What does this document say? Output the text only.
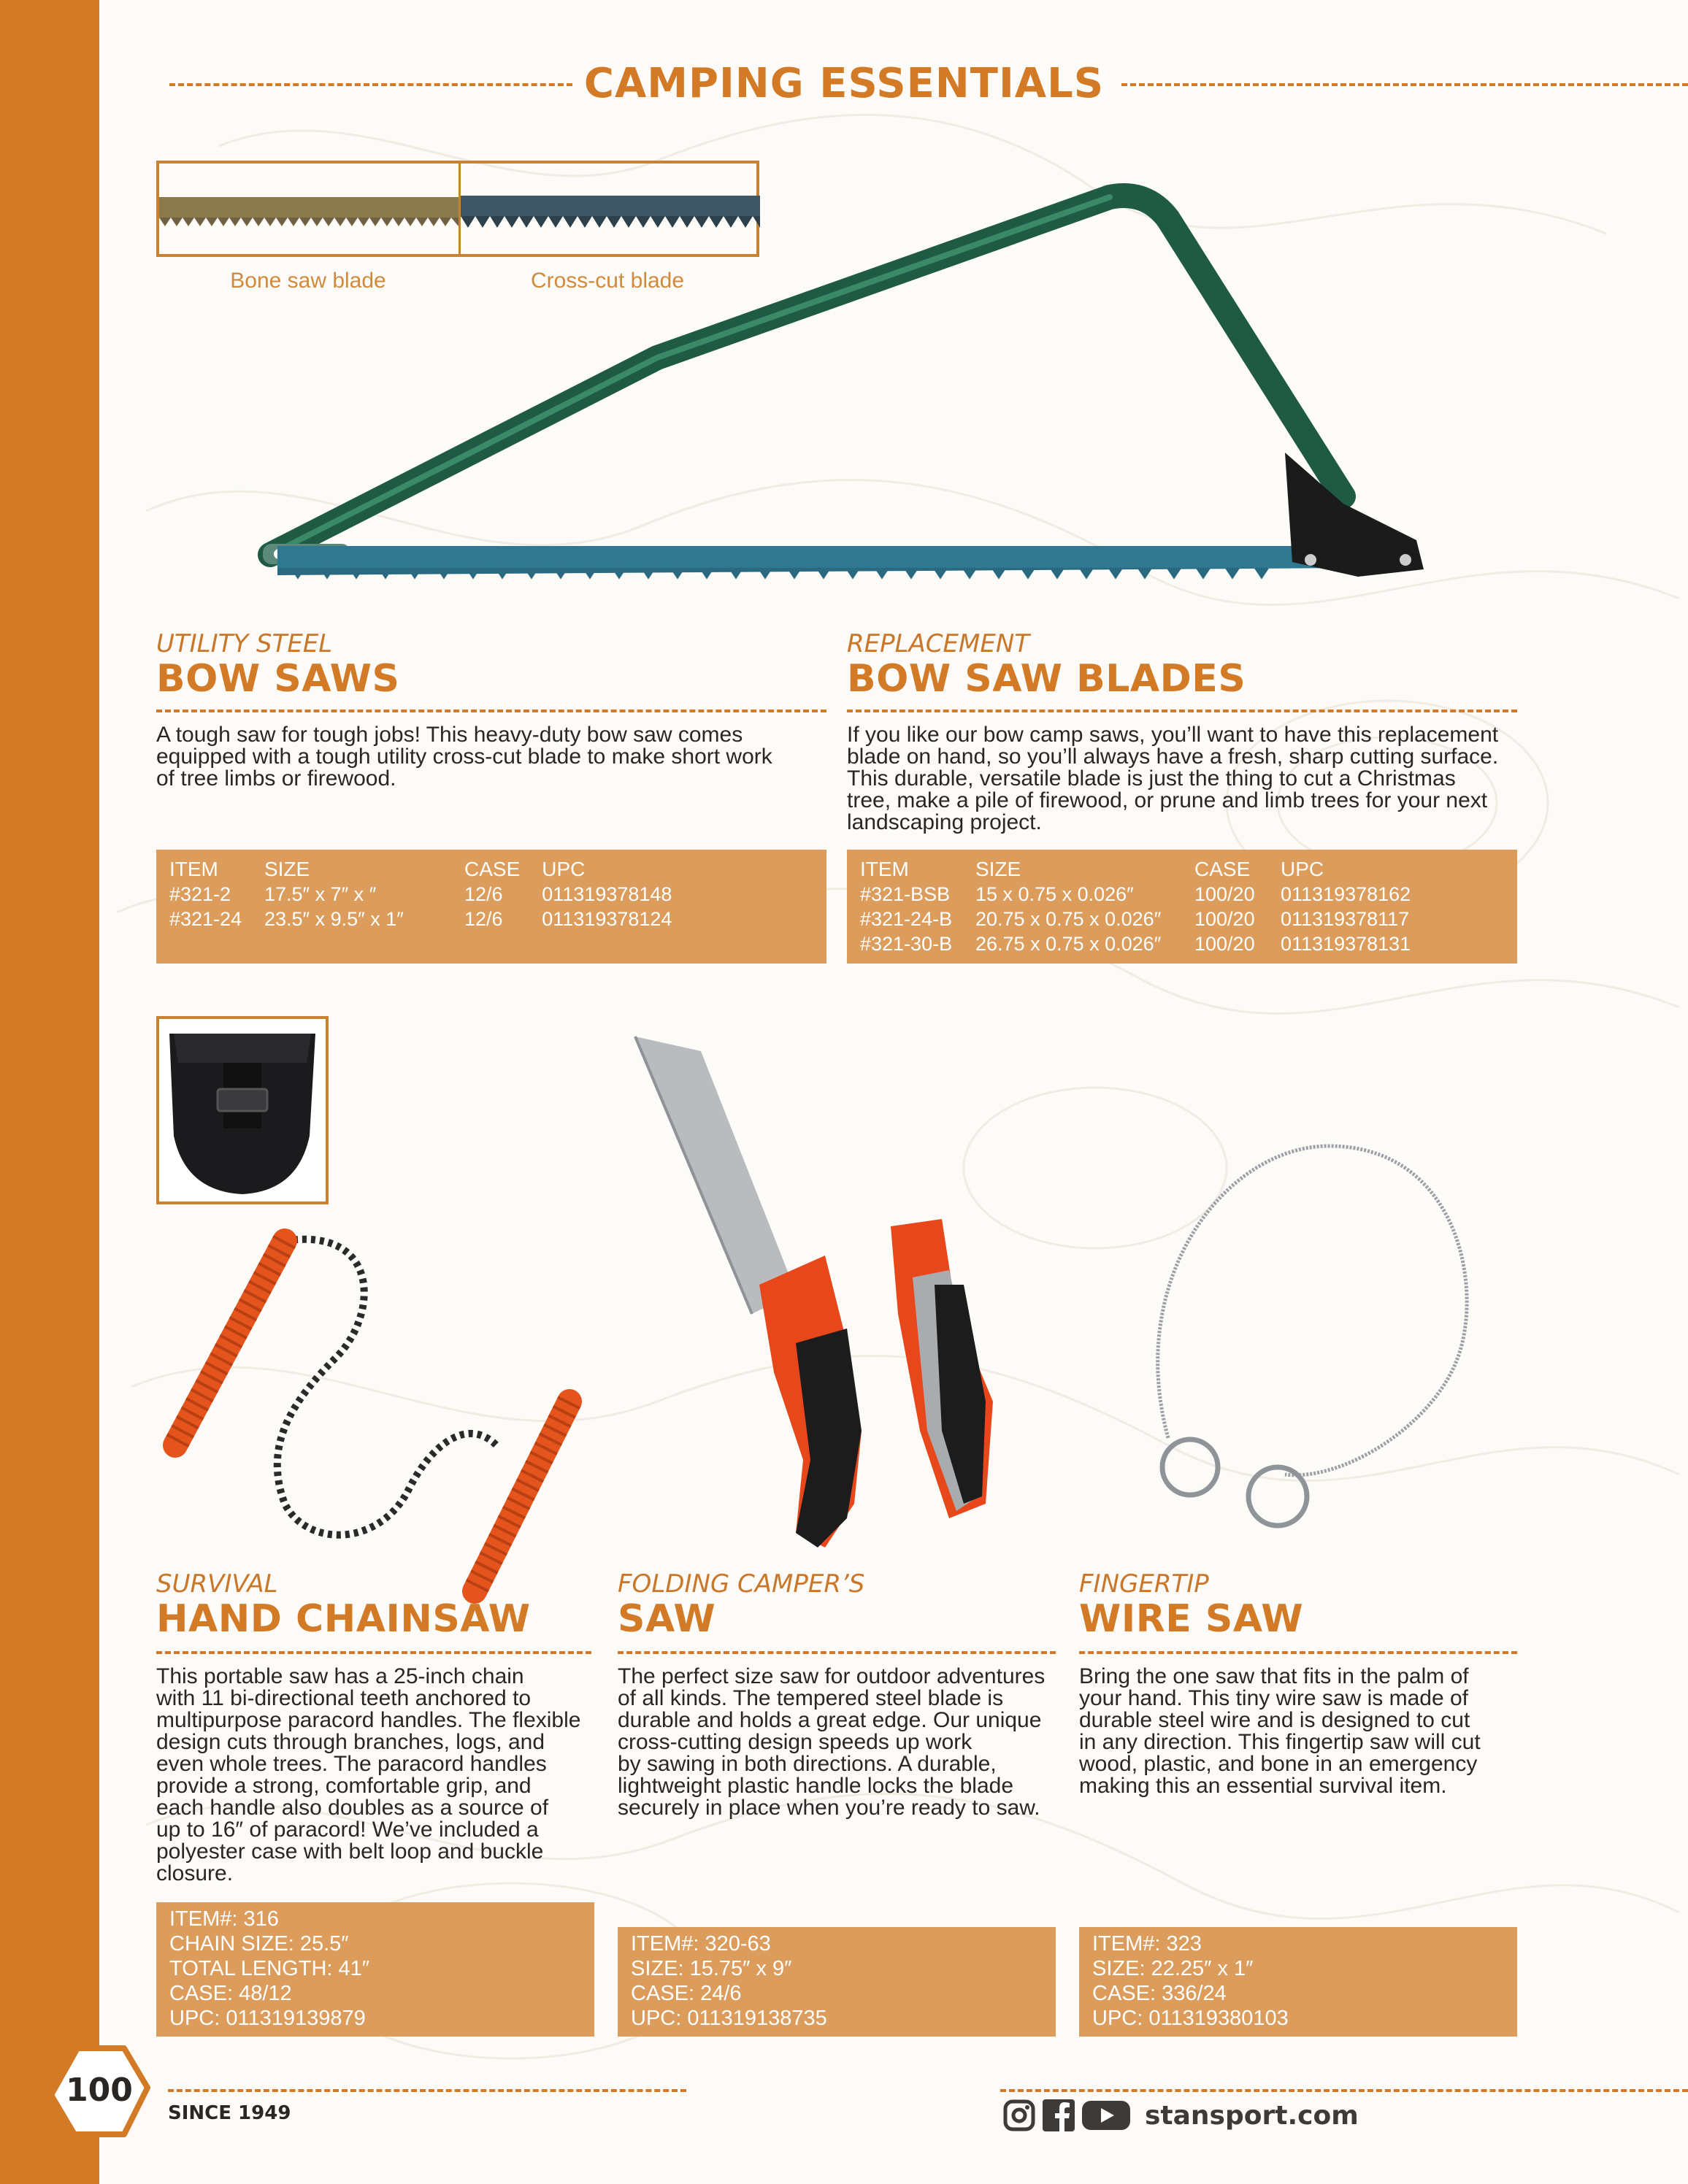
CAMPING ESSENTIALS
Bone saw blade	Cross-cut blade
UTILITY STEEL
BOW SAWS
A tough saw for tough jobs! This heavy-duty bow saw comes
equipped with a tough utility cross-cut blade to make short work
of tree limbs or firewood.
ITEM	SIZE	CASE	UPC
#321-2	17.5″ x 7″ x ″	12/6	011319378148
#321-24	23.5″ x 9.5″ x 1″	12/6	011319378124
REPLACEMENT
BOW SAW BLADES
If you like our bow camp saws, you’ll want to have this replacement
blade on hand, so you’ll always have a fresh, sharp cutting surface.
This durable, versatile blade is just the thing to cut a Christmas
tree, make a pile of firewood, or prune and limb trees for your next
landscaping project.
ITEM	SIZE	CASE	UPC
#321-BSB	15 x 0.75 x 0.026″	100/20	011319378162
#321-24-B	20.75 x 0.75 x 0.026″	100/20	011319378117
#321-30-B	26.75 x 0.75 x 0.026″	100/20	011319378131
SURVIVAL
HAND CHAINSAW
This portable saw has a 25-inch chain
with 11 bi-directional teeth anchored to
multipurpose paracord handles. The flexible
design cuts through branches, logs, and
even whole trees. The paracord handles
provide a strong, comfortable grip, and
each handle also doubles as a source of
up to 16″ of paracord! We’ve included a
polyester case with belt loop and buckle
closure.
ITEM#: 316
CHAIN SIZE: 25.5″
TOTAL LENGTH: 41″
CASE: 48/12
UPC: 011319139879
FOLDING CAMPER’S
SAW
The perfect size saw for outdoor adventures
of all kinds. The tempered steel blade is
durable and holds a great edge. Our unique
cross-cutting design speeds up work
by sawing in both directions. A durable,
lightweight plastic handle locks the blade
securely in place when you’re ready to saw.
ITEM#: 320-63
SIZE: 15.75″ x 9″
CASE: 24/6
UPC: 011319138735
FINGERTIP
WIRE SAW
Bring the one saw that fits in the palm of
your hand. This tiny wire saw is made of
durable steel wire and is designed to cut
in any direction. This fingertip saw will cut
wood, plastic, and bone in an emergency
making this an essential survival item.
ITEM#: 323
SIZE: 22.25″ x 1″
CASE: 336/24
UPC: 011319380103
100
SINCE 1949	stansport.com
